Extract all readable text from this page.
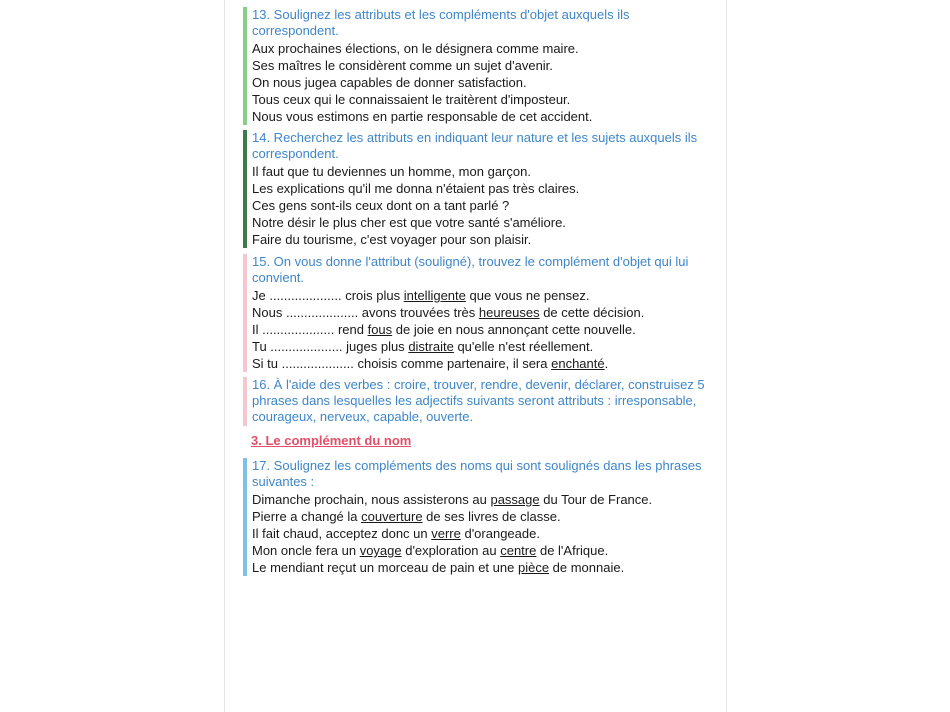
13. Soulignez les attributs et les compléments d'objet auxquels ils correspondent.
Aux prochaines élections, on le désignera comme maire.
Ses maîtres le considèrent comme un sujet d'avenir.
On nous jugea capables de donner satisfaction.
Tous ceux qui le connaissaient le traitèrent d'imposteur.
Nous vous estimons en partie responsable de cet accident.
14. Recherchez les attributs en indiquant leur nature et les sujets auxquels ils correspondent.
Il faut que tu deviennes un homme, mon garçon.
Les explications qu'il me donna n'étaient pas très claires.
Ces gens sont-ils ceux dont on a tant parlé ?
Notre désir le plus cher est que votre santé s'améliore.
Faire du tourisme, c'est voyager pour son plaisir.
15. On vous donne l'attribut (souligné), trouvez le complément d'objet qui lui convient.
Je .................... crois plus intelligente que vous ne pensez.
Nous .................... avons trouvées très heureuses de cette décision.
Il .................... rend fous de joie en nous annonçant cette nouvelle.
Tu .................... juges plus distraite qu'elle n'est réellement.
Si tu .................... choisis comme partenaire, il sera enchanté.
16. À l'aide des verbes : croire, trouver, rendre, devenir, déclarer, construisez 5 phrases dans lesquelles les adjectifs suivants seront attributs : irresponsable, courageux, nerveux, capable, ouverte.
3. Le complément du nom
17. Soulignez les compléments des noms qui sont soulignés dans les phrases suivantes :
Dimanche prochain, nous assisterons au passage du Tour de France.
Pierre a changé la couverture de ses livres de classe.
Il fait chaud, acceptez donc un verre d'orangeade.
Mon oncle fera un voyage d'exploration au centre de l'Afrique.
Le mendiant reçut un morceau de pain et une pièce de monnaie.
